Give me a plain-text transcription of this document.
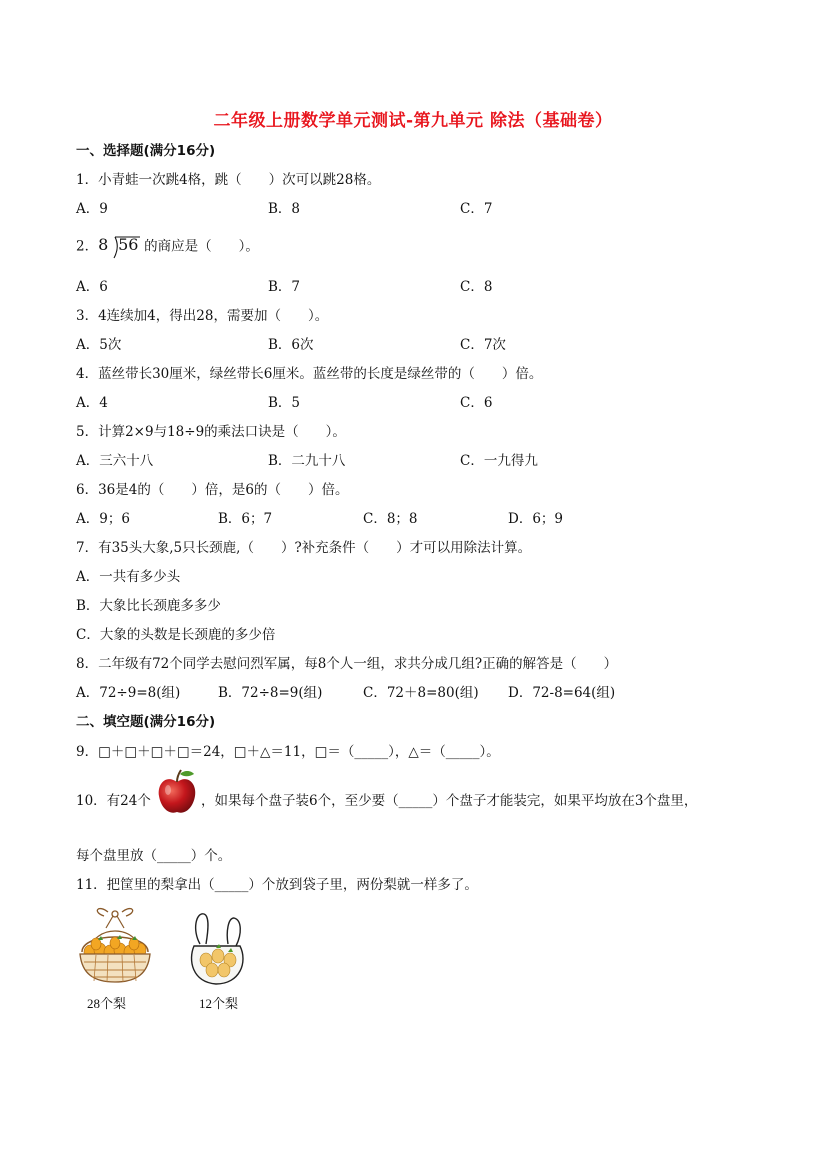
二年级上册数学单元测试-第九单元 除法（基础卷）
一、选择题(满分16分)
1．小青蛙一次跳4格，跳（　　）次可以跳28格。
A．9	B．8	C．7
2． 8 56 的商应是（　　）。
A．6	B．7	C．8
3．4连续加4，得出28，需要加（　　）。
A．5次	B．6次	C．7次
4．蓝丝带长30厘米，绿丝带长6厘米。蓝丝带的长度是绿丝带的（　　）倍。
A．4	B．5	C．6
5．计算2×9与18÷9的乘法口诀是（　　）。
A．三六十八	B．二九十八	C．一九得九
6．36是4的（　　）倍，是6的（　　）倍。
A．9；6	B．6；7	C．8；8	D．6；9
7．有35头大象,5只长颈鹿,（　　）?补充条件（　　）才可以用除法计算。
A．一共有多少头
B．大象比长颈鹿多多少
C．大象的头数是长颈鹿的多少倍
8．二年级有72个同学去慰问烈军属，每8个人一组，求共分成几组?正确的解答是（　　）
A．72÷9=8(组)	B．72÷8=9(组)	C．72＋8=80(组) D．72-8=64(组)
二、填空题(满分16分)
9．□＋□＋□＋□＝24，□＋△＝11，□＝（_____），△＝（_____）。
10．有24个	，如果每个盘子装6个，至少要（_____）个盘子才能装完，如果平均放在3个盘里，
每个盘里放（_____）个。
11．把筐里的梨拿出（_____）个放到袋子里，两份梨就一样多了。
28个梨	12个梨
